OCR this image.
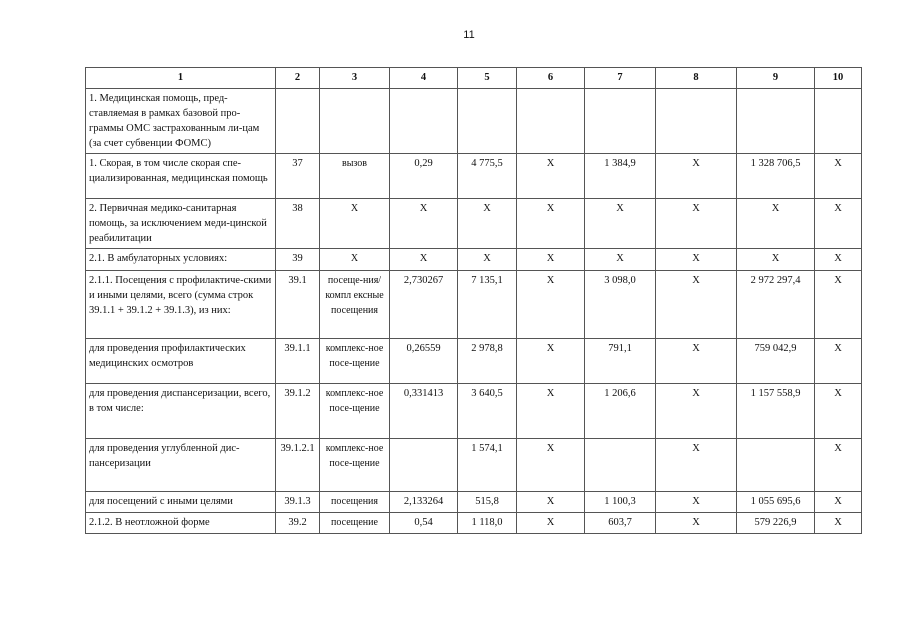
11
1	2	3	4	5	6	7	8	9	10
1. Медицинская помощь, пред-ставляемая в рамках базовой про-граммы ОМС застрахованным ли-цам (за счет субвенции ФОМС)									
1. Скорая, в том числе скорая спе-циализированная, медицинская помощь	37	вызов	0,29	4 775,5	Х	1 384,9	Х	1 328 706,5	Х
2. Первичная медико-санитарная помощь, за исключением меди-цинской реабилитации	38	Х	Х	Х	Х	Х	Х	Х	Х
2.1. В амбулаторных условиях:	39	Х	Х	Х	Х	Х	Х	Х	Х
2.1.1. Посещения с профилактиче-скими и иными целями, всего (сумма строк 39.1.1 + 39.1.2 + 39.1.3), из них:	39.1	посеще-ния/компл ексные посещения	2,730267	7 135,1	Х	3 098,0	Х	2 972 297,4	Х
для проведения профилактических медицинских осмотров	39.1.1	комплекс-ное посе-щение	0,26559	2 978,8	Х	791,1	Х	759 042,9	Х
для проведения диспансеризации, всего, в том числе:	39.1.2	комплекс-ное посе-щение	0,331413	3 640,5	Х	1 206,6	Х	1 157 558,9	Х
для проведения углубленной дис-пансеризации	39.1.2.1	комплекс-ное посе-щение		1 574,1	Х		Х		Х
для посещений с иными целями	39.1.3	посещения	2,133264	515,8	Х	1 100,3	Х	1 055 695,6	Х
2.1.2. В неотложной форме	39.2	посещение	0,54	1 118,0	Х	603,7	Х	579 226,9	Х
